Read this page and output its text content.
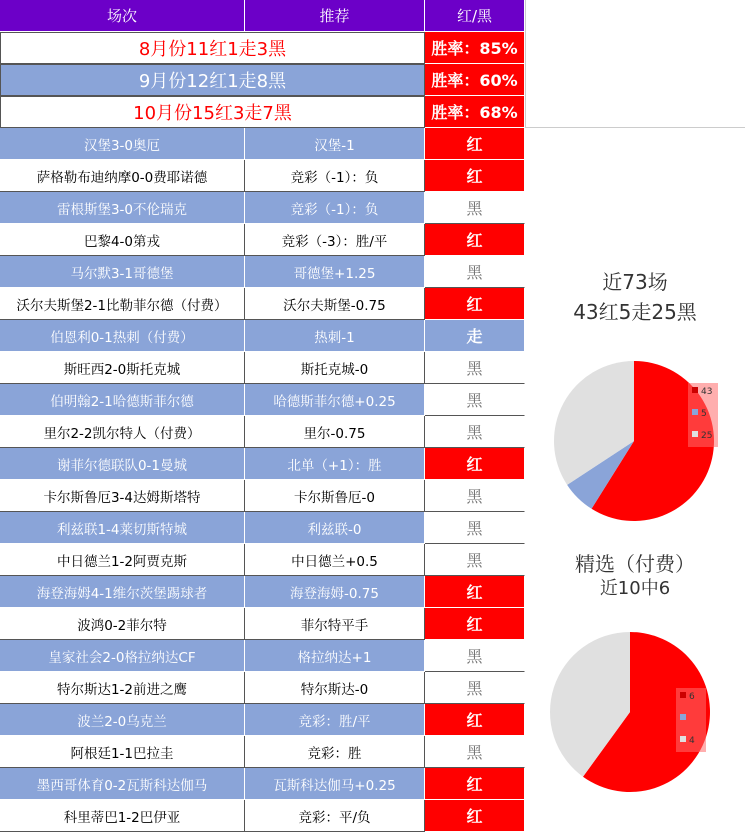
场次	推荐	红/黑
8月份11红1走3黑	胜率：85%
9月份12红1走8黑	胜率：60%
10月份15红3走7黑	胜率：68%
汉堡3-0奥厄	汉堡-1	红
萨格勒布迪纳摩0-0费耶诺德	竞彩（-1）：负	红
雷根斯堡3-0不伦瑞克	竞彩（-1）：负	黑
巴黎4-0第戎	竞彩（-3）：胜/平	红
马尔默3-1哥德堡	哥德堡+1.25	黑
沃尔夫斯堡2-1比勒菲尔德（付费）	沃尔夫斯堡-0.75	红
伯恩利0-1热刺（付费）	热刺-1	走
斯旺西2-0斯托克城	斯托克城-0	黑
伯明翰2-1哈德斯菲尔德	哈德斯菲尔德+0.25	黑
里尔2-2凯尔特人（付费）	里尔-0.75	黑
谢菲尔德联队0-1曼城	北单（+1）：胜	红
卡尔斯鲁厄3-4达姆斯塔特	卡尔斯鲁厄-0	黑
利兹联1-4莱切斯特城	利兹联-0	黑
中日德兰1-2阿贾克斯	中日德兰+0.5	黑
海登海姆4-1维尔茨堡踢球者	海登海姆-0.75	红
波鸿0-2菲尔特	菲尔特平手	红
皇家社会2-0格拉纳达CF	格拉纳达+1	黑
特尔斯达1-2前进之鹰	特尔斯达-0	黑
波兰2-0乌克兰	竞彩：胜/平	红
阿根廷1-1巴拉圭	竞彩：胜	黑
墨西哥体育0-2瓦斯科达伽马	瓦斯科达伽马+0.25	红
科里蒂巴1-2巴伊亚	竞彩：平/负	红
近73场
43红5走25黑
43
5
25
精选（付费）
近10中6
6
4
